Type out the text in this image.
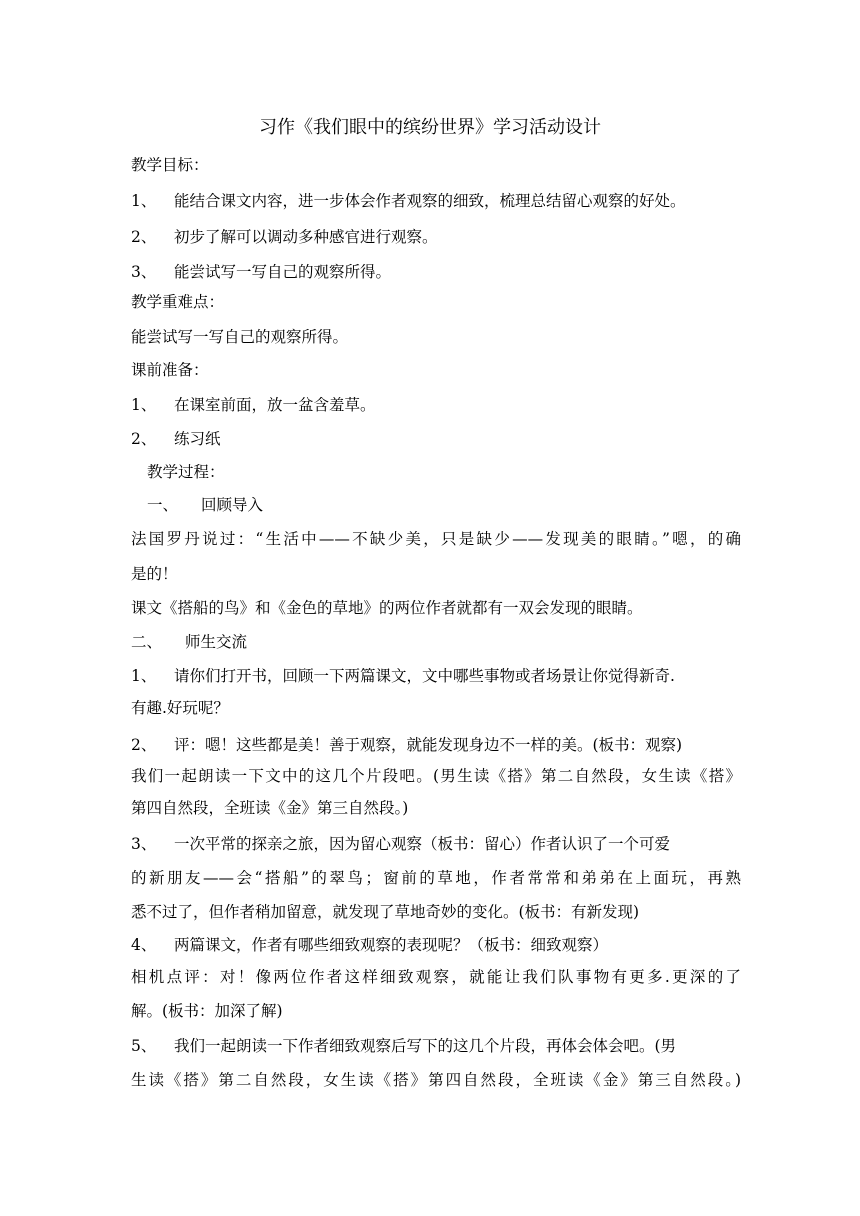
习作《我们眼中的缤纷世界》学习活动设计
教学目标：
1、 能结合课文内容，进一步体会作者观察的细致，梳理总结留心观察的好处。
2、 初步了解可以调动多种感官进行观察。
3、 能尝试写一写自己的观察所得。
教学重难点：
能尝试写一写自己的观察所得。
课前准备：
1、 在课室前面，放一盆含羞草。
2、 练习纸
教学过程：
一、 回顾导入
法国罗丹说过：“生活中——不缺少美，只是缺少——发现美的眼睛。”嗯，的确
是的！
课文《搭船的鸟》和《金色的草地》的两位作者就都有一双会发现的眼睛。
二、 师生交流
1、 请你们打开书，回顾一下两篇课文，文中哪些事物或者场景让你觉得新奇.
有趣.好玩呢？
2、 评：嗯！这些都是美！善于观察，就能发现身边不一样的美。(板书：观察)
我们一起朗读一下文中的这几个片段吧。(男生读《搭》第二自然段，女生读《搭》
第四自然段，全班读《金》第三自然段。)
3、 一次平常的探亲之旅，因为留心观察（板书：留心）作者认识了一个可爱
的新朋友——会“搭船”的翠鸟；窗前的草地，作者常常和弟弟在上面玩，再熟
悉不过了，但作者稍加留意，就发现了草地奇妙的变化。(板书：有新发现)
4、 两篇课文，作者有哪些细致观察的表现呢？（板书：细致观察）
相机点评：对！像两位作者这样细致观察，就能让我们队事物有更多.更深的了
解。(板书：加深了解)
5、 我们一起朗读一下作者细致观察后写下的这几个片段，再体会体会吧。(男
生读《搭》第二自然段，女生读《搭》第四自然段，全班读《金》第三自然段。)
